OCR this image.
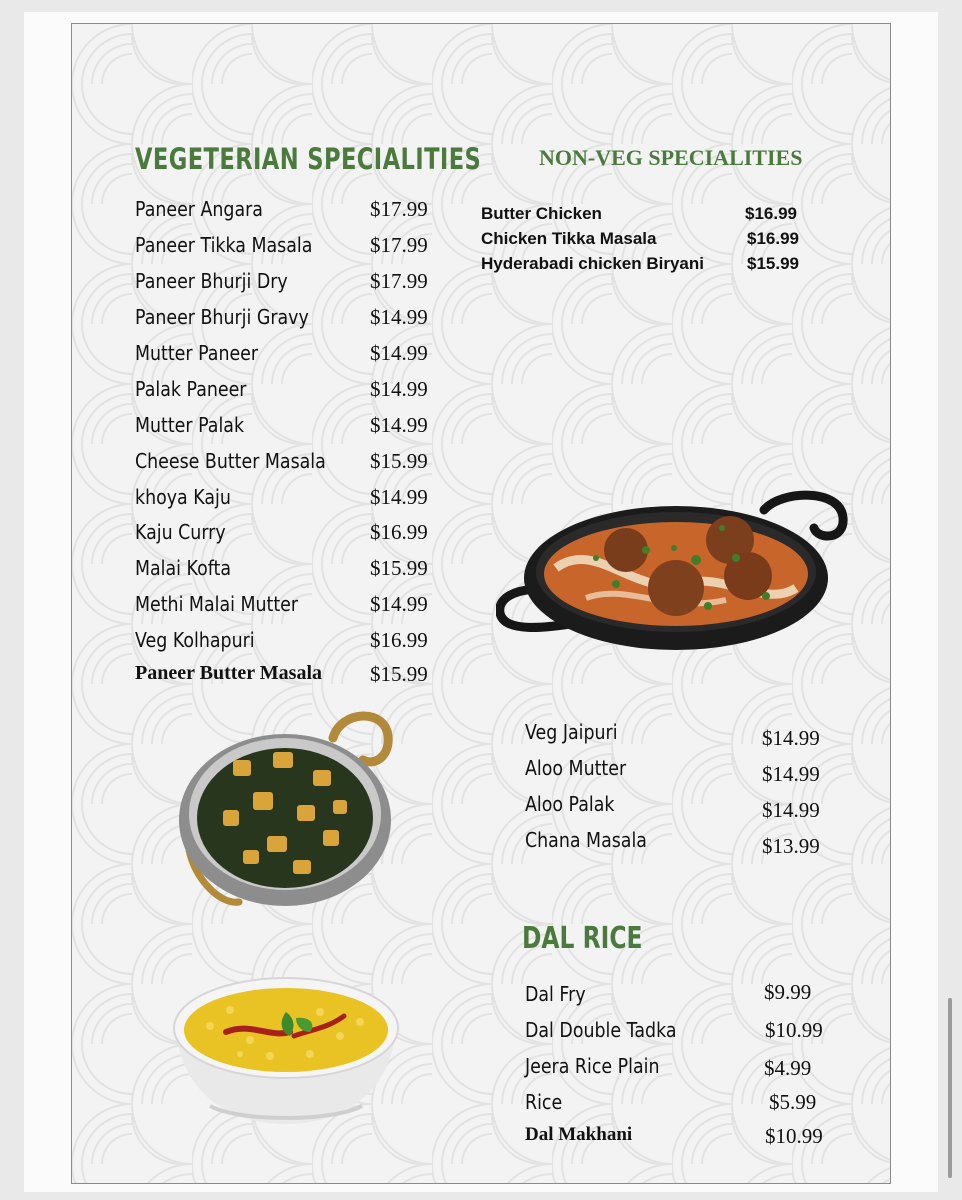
VEGETERIAN SPECIALITIES	NON-VEG SPECIALITIES
DAL RICE
Paneer Angara	$17.99
Paneer Tikka Masala	$17.99
Paneer Bhurji Dry	$17.99
Paneer Bhurji Gravy	$14.99
Mutter Paneer	$14.99
Palak Paneer	$14.99
Mutter Palak	$14.99
Cheese Butter Masala $15.99
khoya Kaju	$14.99
Kaju Curry	$16.99
Malai Kofta	$15.99
Methi Malai Mutter	$14.99
Veg Kolhapuri	$16.99
Paneer Butter Masala $15.99
Butter Chicken	$16.99
Chicken Tikka Masala	$16.99
Hyderabadi chicken Biryani	$15.99
Veg Jaipuri	$14.99
Aloo Mutter	$14.99
Aloo Palak	$14.99
Chana Masala	$13.99
Dal Fry	$9.99
Dal Double Tadka	$10.99
Jeera Rice Plain	$4.99
Rice	$5.99
Dal Makhani	$10.99
